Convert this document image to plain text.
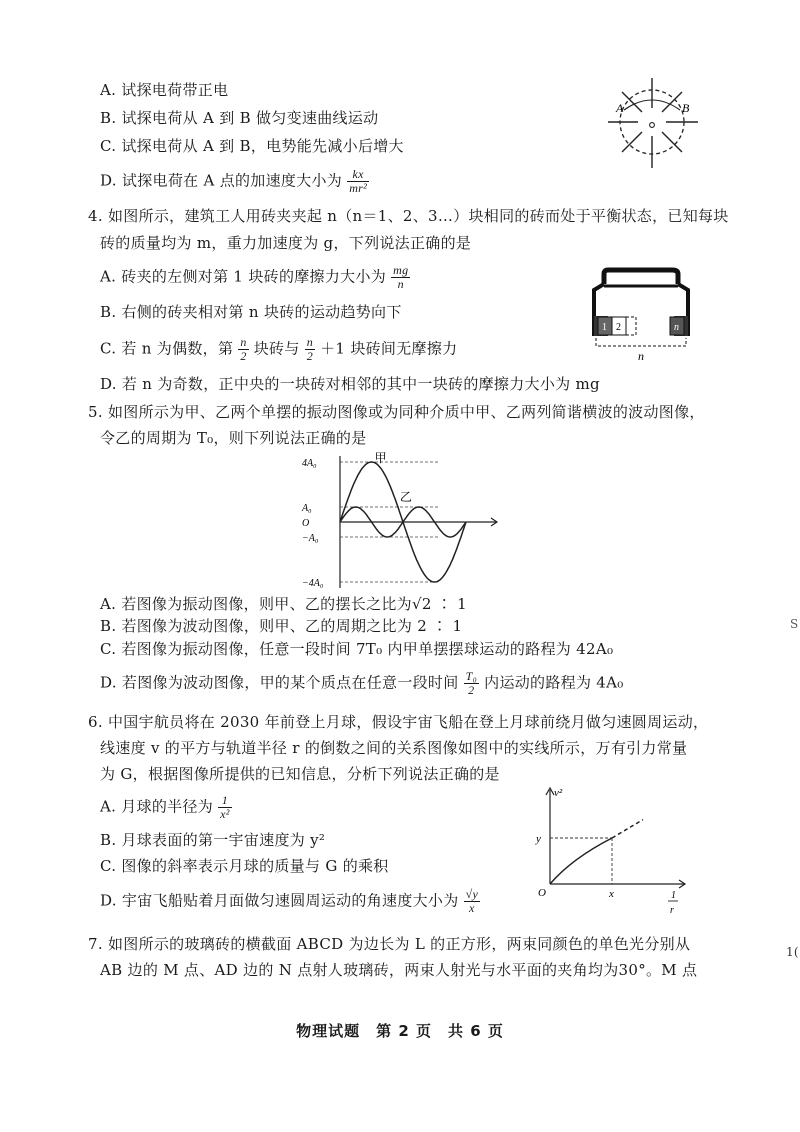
A. 试探电荷带正电
B. 试探电荷从 A 到 B 做匀变速曲线运动
C. 试探电荷从 A 到 B，电势能先减小后增大
D. 试探电荷在 A 点的加速度大小为 $\frac{kx}{\text{mr²}}$
A	B
4. 如图所示，建筑工人用砖夹夹起 n（n＝1、2、3…）块相同的砖而处于平衡状态，已知每块
砖的质量均为 m，重力加速度为 g，下列说法正确的是
A. 砖夹的左侧对第 1 块砖的摩擦力大小为 $\frac{mg}{n}$
B. 右侧的砖夹相对第 n 块砖的运动趋势向下
C. 若 n 为偶数，第 $\frac{n}{2}$ 块砖与 $\frac{n}{2} +1$ 块砖间无摩擦力
D. 若 n 为奇数，正中央的一块砖对相邻的其中一块砖的摩擦力大小为 mg
1 2	n
n
5. 如图所示为甲、乙两个单摆的振动图像或为同种介质中甲、乙两列简谐横波的波动图像，
令乙的周期为 T₀，则下列说法正确的是
4A₀
A₀
O
−A₀
−4A₀
甲
乙
A. 若图像为振动图像，则甲、乙的摆长之比为√2 ∶ 1
B. 若图像为波动图像，则甲、乙的周期之比为 2 ∶ 1
C. 若图像为振动图像，任意一段时间 7T₀ 内甲单摆摆球运动的路程为 42A₀
D. 若图像为波动图像，甲的某个质点在任意一段时间 $\frac{\text{T₀}}{2}$ 内运动的路程为 4A₀
6. 中国宇航员将在 2030 年前登上月球，假设宇宙飞船在登上月球前绕月做匀速圆周运动，
线速度 v 的平方与轨道半径 r 的倒数之间的关系图像如图中的实线所示，万有引力常量
为 G，根据图像所提供的已知信息，分析下列说法正确的是
A. 月球的半径为 $\frac{1}{\text{x²}}$
B. 月球表面的第一宇宙速度为 y²
C. 图像的斜率表示月球的质量与 G 的乘积
D. 宇宙飞船贴着月面做匀速圆周运动的角速度大小为 $\frac{√y}{x}$
v²
y
O	x	1
r
7. 如图所示的玻璃砖的横截面 ABCD 为边长为 L 的正方形，两束同颜色的单色光分别从
AB 边的 M 点、AD 边的 N 点射人玻璃砖，两束人射光与水平面的夹角均为30°。M 点
物理试题　第 2 页　共 6 页
S
1(
